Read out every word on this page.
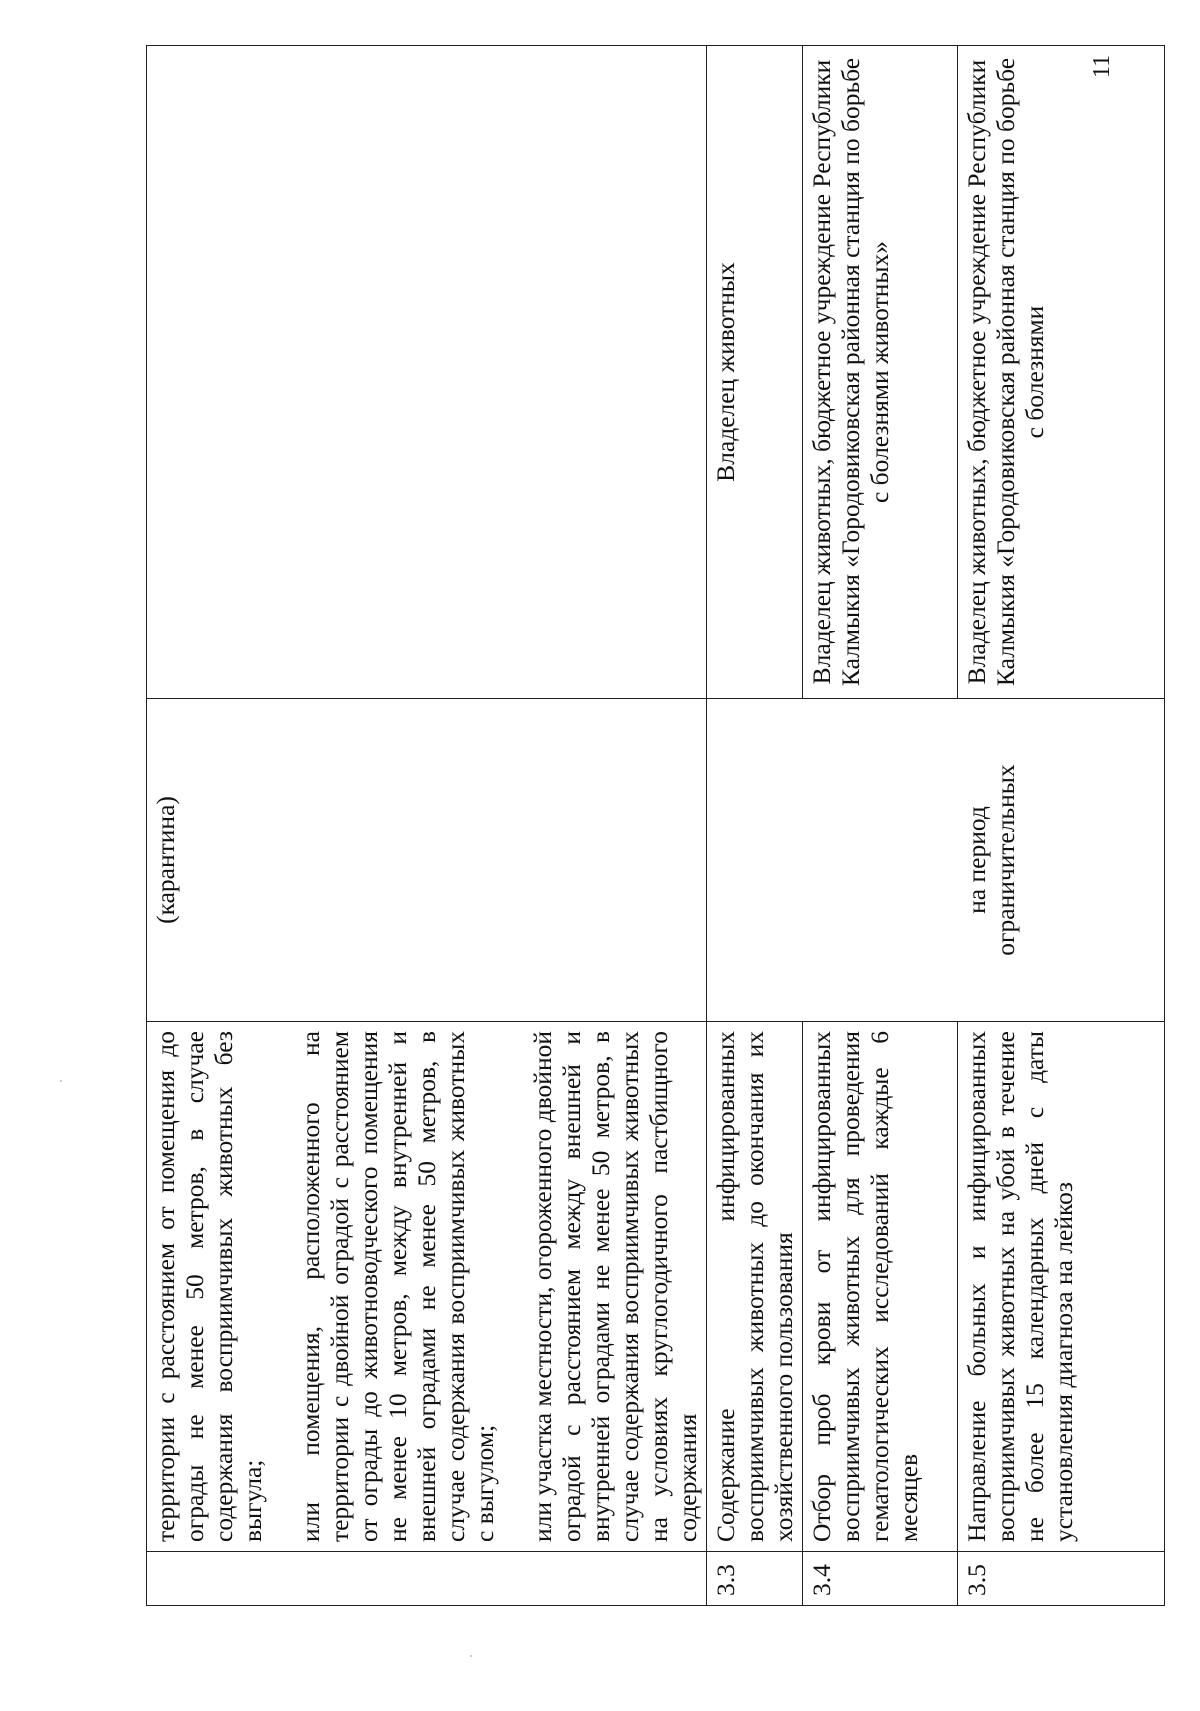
	территории с расстоянием от помещения до ограды не менее 50 метров, в случае содержания восприимчивых животных без выгула; или помещения, расположенного на территории с двойной оградой с расстоянием от ограды до животноводческого помещения не менее 10 метров, между внутренней и внешней оградами не менее 50 метров, в случае содержания восприимчивых животных с выгулом; или участка местности, огороженного двойной оградой с расстоянием между внешней и внутренней оградами не менее 50 метров, в случае содержания восприимчивых животных на условиях круглогодичного пастбищного содержания	(карантина)	
3.3	Содержание инфицированных восприимчивых животных до окончания их хозяйственного пользования		Владелец животных
3.4	Отбор проб крови от инфицированных восприимчивых животных для проведения гематологических исследований каждые 6 месяцев		Владелец животных, бюджетное учреждение Республики Калмыкия «Городовиковская районная станция по борьбе с болезнями животных»
3.5	Направление больных и инфицированных восприимчивых животных на убой в течение не более 15 календарных дней с даты установления диагноза на лейкоз	на период ограничительных	Владелец животных, бюджетное учреждение Республики Калмыкия «Городовиковская районная станция по борьбе с болезнями
11
